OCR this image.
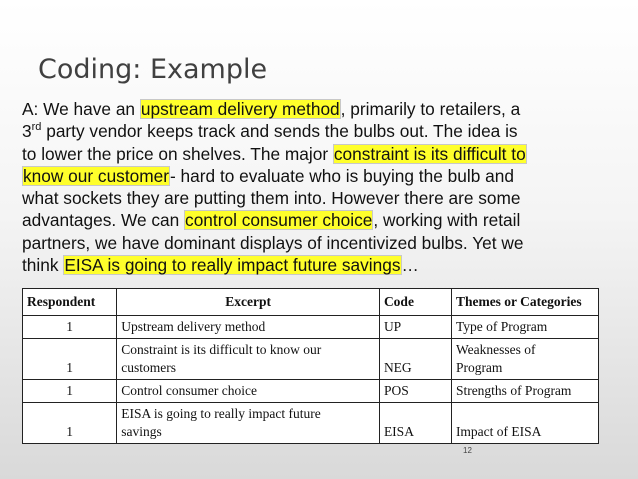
Coding: Example
A: We have an upstream delivery method, primarily to retailers, a
3rd party vendor keeps track and sends the bulbs out. The idea is
to lower the price on shelves. The major constraint is its difficult to
know our customer- hard to evaluate who is buying the bulb and
what sockets they are putting them into. However there are some
advantages. We can control consumer choice, working with retail
partners, we have dominant displays of incentivized bulbs. Yet we
think EISA is going to really impact future savings…
Respondent	Excerpt	Code	Themes or Categories
1	Upstream delivery method	UP	Type of Program
1	Constraint is its difficult to know our
customers	NEG	Weaknesses of
Program
1	Control consumer choice	POS	Strengths of Program
1	EISA is going to really impact future
savings	EISA	Impact of EISA
12
